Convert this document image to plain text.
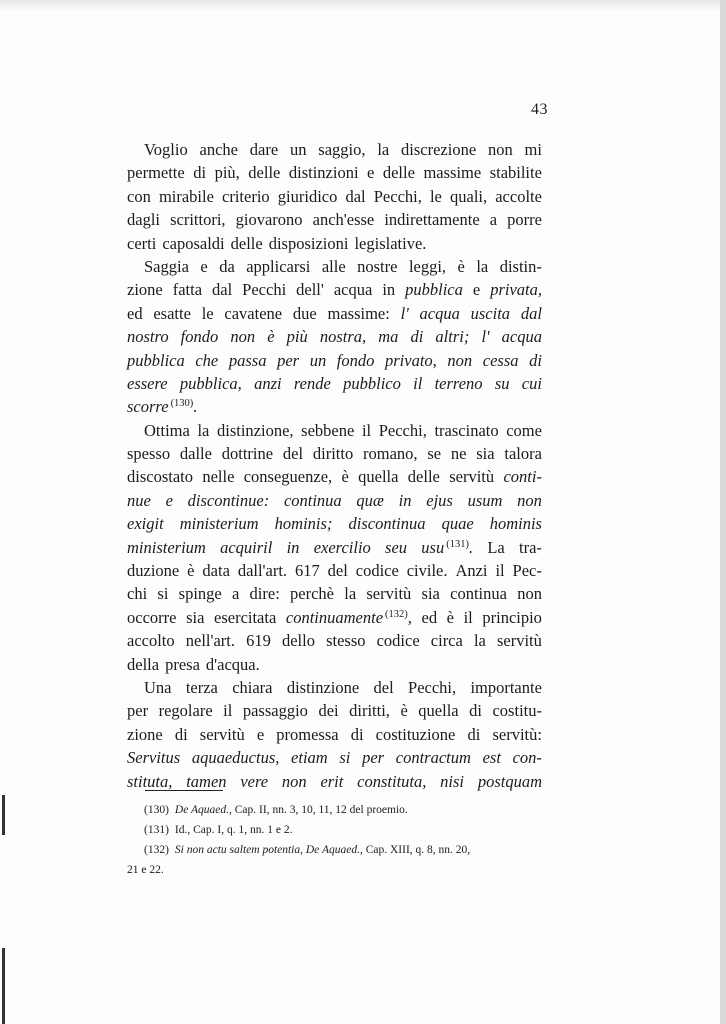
43
Voglio anche dare un saggio, la discrezione non mi
permette di più, delle distinzioni e delle massime stabilite
con mirabile criterio giuridico dal Pecchi, le quali, accolte
dagli scrittori, giovarono anch'esse indirettamente a porre
certi caposaldi delle disposizioni legislative.
Saggia e da applicarsi alle nostre leggi, è la distin-
zione fatta dal Pecchi dell' acqua in pubblica e privata,
ed esatte le cavatene due massime: l' acqua uscita dal
nostro fondo non è più nostra, ma di altri; l' acqua
pubblica che passa per un fondo privato, non cessa di
essere pubblica, anzi rende pubblico il terreno su cui
scorre $^{(130)}$.
Ottima la distinzione, sebbene il Pecchi, trascinato come
spesso dalle dottrine del diritto romano, se ne sia talora
discostato nelle conseguenze, è quella delle servitù conti-
nue e discontinue: continua quæ in ejus usum non
exigit ministerium hominis; discontinua quae hominis
ministerium acquiril in exercilio seu usu $^{(131)}$. La tra-
duzione è data dall'art. 617 del codice civile. Anzi il Pec-
chi si spinge a dire: perchè la servitù sia continua non
occorre sia esercitata continuamente $^{(132)}$, ed è il principio
accolto nell'art. 619 dello stesso codice circa la servitù
della presa d'acqua.
Una terza chiara distinzione del Pecchi, importante
per regolare il passaggio dei diritti, è quella di costitu-
zione di servitù e promessa di costituzione di servitù:
Servitus aquaeductus, etiam si per contractum est con-
stituta, tamen vere non erit constituta, nisi postquam
(130) De Aquaed., Cap. II, nn. 3, 10, 11, 12 del proemio.
(131) Id., Cap. I, q. 1, nn. 1 e 2.
(132) Si non actu saltem potentia, De Aquaed., Cap. XIII, q. 8, nn. 20,
21 e 22.
